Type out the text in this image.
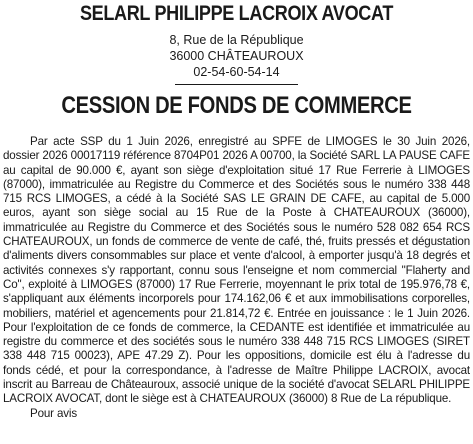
SELARL PHILIPPE LACROIX AVOCAT
8, Rue de la République
36000 CHÂTEAUROUX
02-54-60-54-14
CESSION DE FONDS DE COMMERCE

Par acte SSP du 1 Juin 2026, enregistré au SPFE de LIMOGES le 30 Juin 2026, dossier 2026 00017119 référence 8704P01 2026 A 00700, la Société SARL LA PAUSE CAFE au capital de 90.000 €, ayant son siège d'exploitation situé 17 Rue Ferrerie à LIMOGES (87000), immatriculée au Registre du Commerce et des Sociétés sous le numéro 338 448 715 RCS LIMOGES, a cédé à la Société SAS LE GRAIN DE CAFE, au capital de 5.000 euros, ayant son siège social au 15 Rue de la Poste à CHATEAUROUX (36000), immatriculée au Registre du Commerce et des Sociétés sous le numéro 528 082 654 RCS CHATEAUROUX, un fonds de commerce de vente de café, thé, fruits pressés et dégustation d'aliments divers consommables sur place et vente d'alcool, à emporter jusqu'à 18 degrés et activités connexes s'y rapportant, connu sous l'enseigne et nom commercial "Flaherty and Co", exploité à LIMOGES (87000) 17 Rue Ferrerie, moyennant le prix total de 195.976,78 €, s'appliquant aux éléments incorporels pour 174.162,06 € et aux immobilisations corporelles, mobiliers, matériel et agencements pour 21.814,72 €. Entrée en jouissance : le 1 Juin 2026. Pour l'exploitation de ce fonds de commerce, la CEDANTE est identifiée et immatriculée au registre du commerce et des sociétés sous le numéro 338 448 715 RCS LIMOGES (SIRET 338 448 715 00023), APE 47.29 Z). Pour les oppositions, domicile est élu à l'adresse du fonds cédé, et pour la correspondance, à l'adresse de Maître Philippe LACROIX, avocat inscrit au Barreau de Châteauroux, associé unique de la société d'avocat SELARL PHILIPPE LACROIX AVOCAT, dont le siège est à CHATEAUROUX (36000) 8 Rue de La république.

Pour avis
